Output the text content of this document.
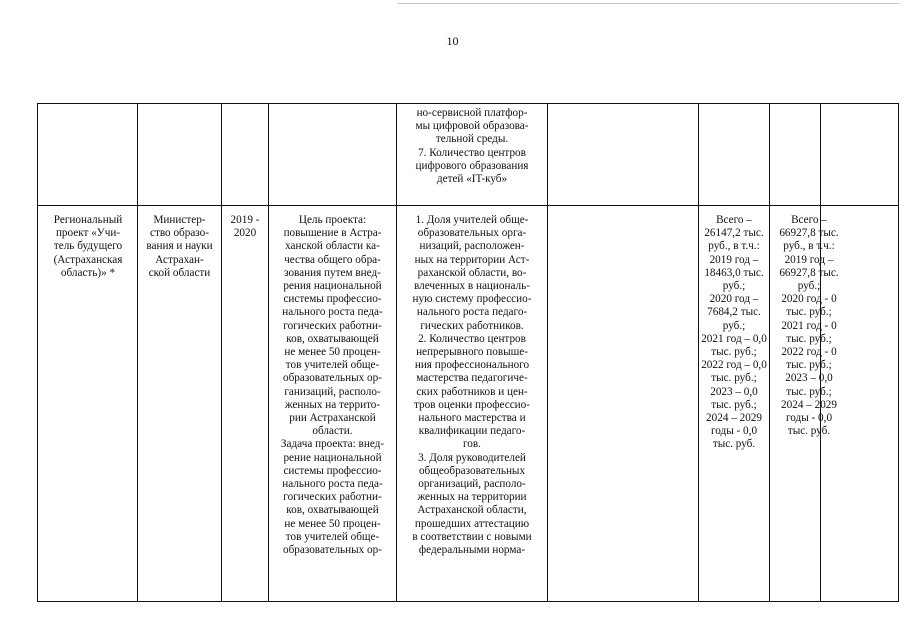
10
но-сервисной платфор-
мы цифровой образова-
тельной среды.
7. Количество центров
цифрового образования
детей «IT-куб»
Региональный
проект «Учи-
тель будущего
(Астраханская
область)» *
Министер-
ство образо-
вания и науки
Астрахан-
ской области
2019 -
2020
Цель проекта:
повышение в Астра-
ханской области ка-
чества общего обра-
зования путем внед-
рения национальной
системы профессио-
нального роста педа-
гогических работни-
ков, охватывающей
не менее 50 процен-
тов учителей обще-
образовательных ор-
ганизаций, располо-
женных на террито-
рии Астраханской
области.
Задача проекта: внед-
рение национальной
системы профессио-
нального роста педа-
гогических работни-
ков, охватывающей
не менее 50 процен-
тов учителей обще-
образовательных ор-
1. Доля учителей обще-
образовательных орга-
низаций, расположен-
ных на территории Аст-
раханской области, во-
влеченных в националь-
ную систему профессио-
нального роста педаго-
гических работников.
2. Количество центров
непрерывного повыше-
ния профессионального
мастерства педагогиче-
ских работников и цен-
тров оценки профессио-
нального мастерства и
квалификации педаго-
гов.
3. Доля руководителей
общеобразовательных
организаций, располо-
женных на территории
Астраханской области,
прошедших аттестацию
в соответствии с новыми
федеральными норма-
Всего –
26147,2 тыс.
руб., в т.ч.:
2019 год –
18463,0 тыс.
руб.;
2020 год –
7684,2 тыс.
руб.;
2021 год – 0,0
тыс. руб.;
2022 год – 0,0
тыс. руб.;
2023 – 0,0
тыс. руб.;
2024 – 2029
годы - 0,0
тыс. руб.
Всего –
66927,8 тыс.
руб., в т.ч.:
2019 год –
66927,8 тыс.
руб.;
2020 год - 0
тыс. руб.;
2021 год - 0
тыс. руб.;
2022 год - 0
тыс. руб.;
2023 – 0,0
тыс. руб.;
2024 – 2029
годы - 0,0
тыс. руб.
